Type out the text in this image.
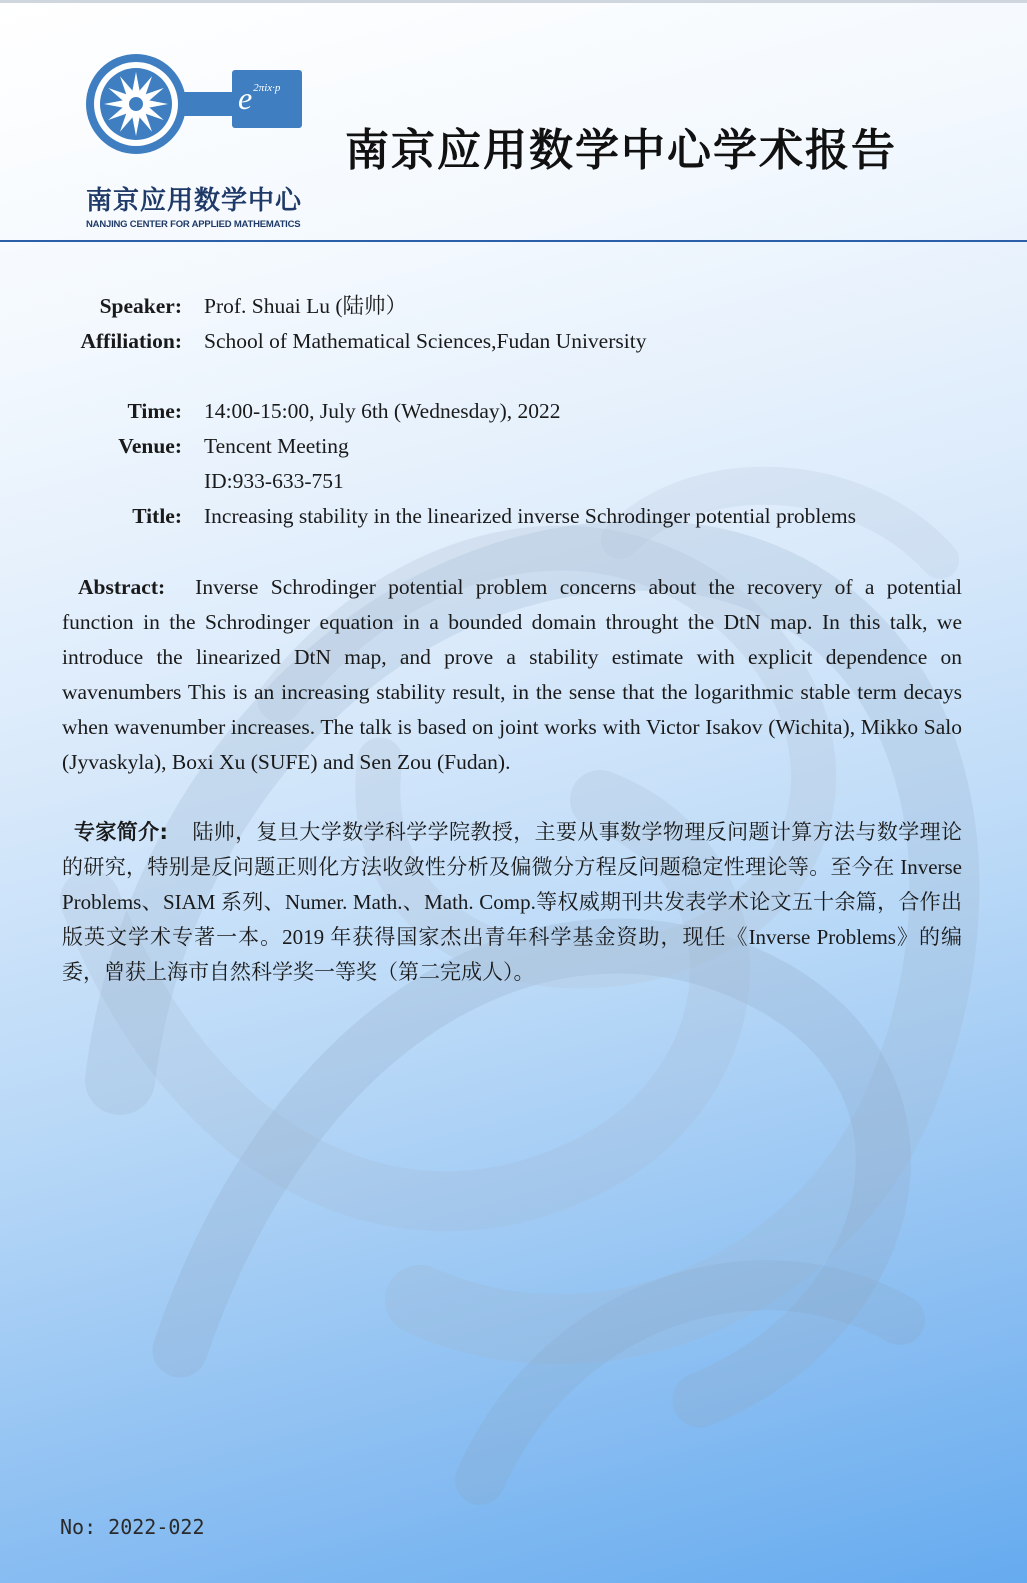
$e^{2\pi ix\cdot p}$
南京应用数学中心
NANJING CENTER FOR APPLIED MATHEMATICS
南京应用数学中心学术报告
Speaker: Prof. Shuai Lu (陆帅）
Affiliation: School of Mathematical Sciences,Fudan University
Time: 14:00-15:00, July 6th (Wednesday), 2022
Venue: Tencent Meeting
ID:933-633-751
Title: Increasing stability in the linearized inverse Schrodinger potential problems
Abstract: Inverse Schrodinger potential problem concerns about the recovery of a potential function in the Schrodinger equation in a bounded domain throught the DtN map. In this talk, we introduce the linearized DtN map, and prove a stability estimate with explicit dependence on wavenumbers This is an increasing stability result, in the sense that the logarithmic stable term decays when wavenumber increases. The talk is based on joint works with Victor Isakov (Wichita), Mikko Salo (Jyvaskyla), Boxi Xu (SUFE) and Sen Zou (Fudan).
专家简介: 陆帅，复旦大学数学科学学院教授，主要从事数学物理反问题计算方法与数学理论的研究，特别是反问题正则化方法收敛性分析及偏微分方程反问题稳定性理论等。至今在 Inverse Problems、SIAM 系列、Numer. Math.、Math. Comp.等权威期刊共发表学术论文五十余篇，合作出版英文学术专著一本。2019 年获得国家杰出青年科学基金资助，现任《Inverse Problems》的编委，曾获上海市自然科学奖一等奖（第二完成人）。
No: 2022-022
